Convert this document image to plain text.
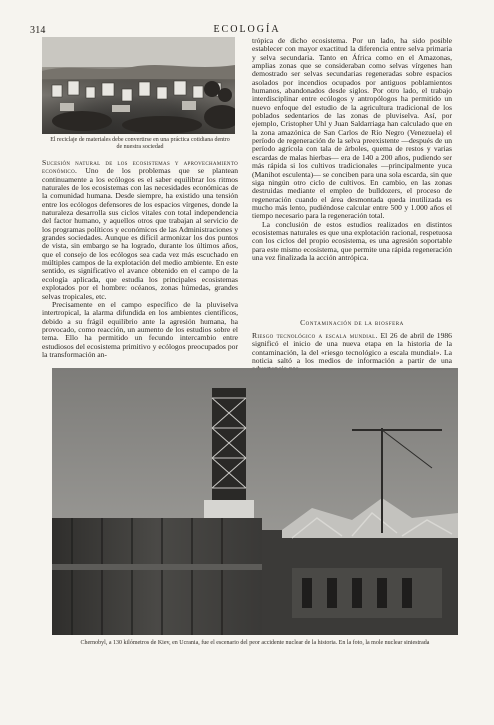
314	ECOLOGÍA
El reciclaje de materiales debe convertirse en una práctica cotidiana dentro de nuestra sociedad

Sucesión natural de los ecosistemas y aprovechamiento económico. Uno de los problemas que se plantean continuamente a los ecólogos es el saber equilibrar los ritmos naturales de los ecosistemas con las necesidades económicas de la comunidad humana. Desde siempre, ha existido una tensión entre los ecólogos defensores de los espacios vírgenes, donde la naturaleza desarrolla sus ciclos vitales con total independencia del factor humano, y aquellos otros que trabajan al servicio de los programas políticos y económicos de las Administraciones y grandes sociedades. Aunque es difícil armonizar los dos puntos de vista, sin embargo se ha logrado, durante los últimos años, que el consejo de los ecólogos sea cada vez más escuchado en múltiples campos de la explotación del medio ambiente. En este sentido, es significativo el avance obtenido en el campo de la ecología aplicada, que estudia los principales ecosistemas explotados por el hombre: océanos, zonas húmedas, grandes selvas tropicales, etc.

Precisamente en el campo específico de la pluviselva intertropical, la alarma difundida en los ambientes científicos, debido a su frágil equilibrio ante la agresión humana, ha provocado, como reacción, un aumento de los estudios sobre el tema. Ello ha permitido un fecundo intercambio entre estudiosos del ecosistema primitivo y ecólogos preocupados por la transformación an-

trópica de dicho ecosistema. Por un lado, ha sido posible establecer con mayor exactitud la diferencia entre selva primaria y selva secundaria. Tanto en África como en el Amazonas, amplias zonas que se consideraban como selvas vírgenes han demostrado ser selvas secundarias regeneradas sobre espacios asolados por incendios ocupados por antiguos poblamientos humanos, abandonados desde siglos. Por otro lado, el trabajo interdisciplinar entre ecólogos y antropólogos ha permitido un nuevo enfoque del estudio de la agricultura tradicional de los poblados sedentarios de las zonas de pluviselva. Así, por ejemplo, Cristopher Uhl y Juan Saldarriaga han calculado que en la zona amazónica de San Carlos de Río Negro (Venezuela) el período de regeneración de la selva preexistente —después de un período agrícola con tala de árboles, quema de restos y varias escardas de malas hierbas— era de 140 a 200 años, pudiendo ser más rápida si los cultivos tradicionales —principalmente yuca (Manihot esculenta)— se conciben para una sola escarda, sin que siga ningún otro ciclo de cultivos. En cambio, en las zonas destruidas mediante el empleo de bulldozers, el proceso de regeneración cuando el área desmontada queda inutilizada es mucho más lento, pudiéndose calcular entre 500 y 1.000 años el tiempo necesario para la regeneración total.

La conclusión de estos estudios realizados en distintos ecosistemas naturales es que una explotación racional, respetuosa con los ciclos del propio ecosistema, es una agresión soportable para este mismo ecosistema, que permite una rápida regeneración una vez finalizada la acción antrópica.

Contaminación de la biosfera

Riesgo tecnológico a escala mundial. El 26 de abril de 1986 significó el inicio de una nueva etapa en la historia de la contaminación, la del «riesgo tecnológico a escala mundial». La noticia saltó a los medios de información a partir de una

Chernobyl, a 130 kilómetros de Kiev, en Ucrania, fue el escenario del peor accidente nuclear de la historia. En la foto, la mole nuclear siniestrada
